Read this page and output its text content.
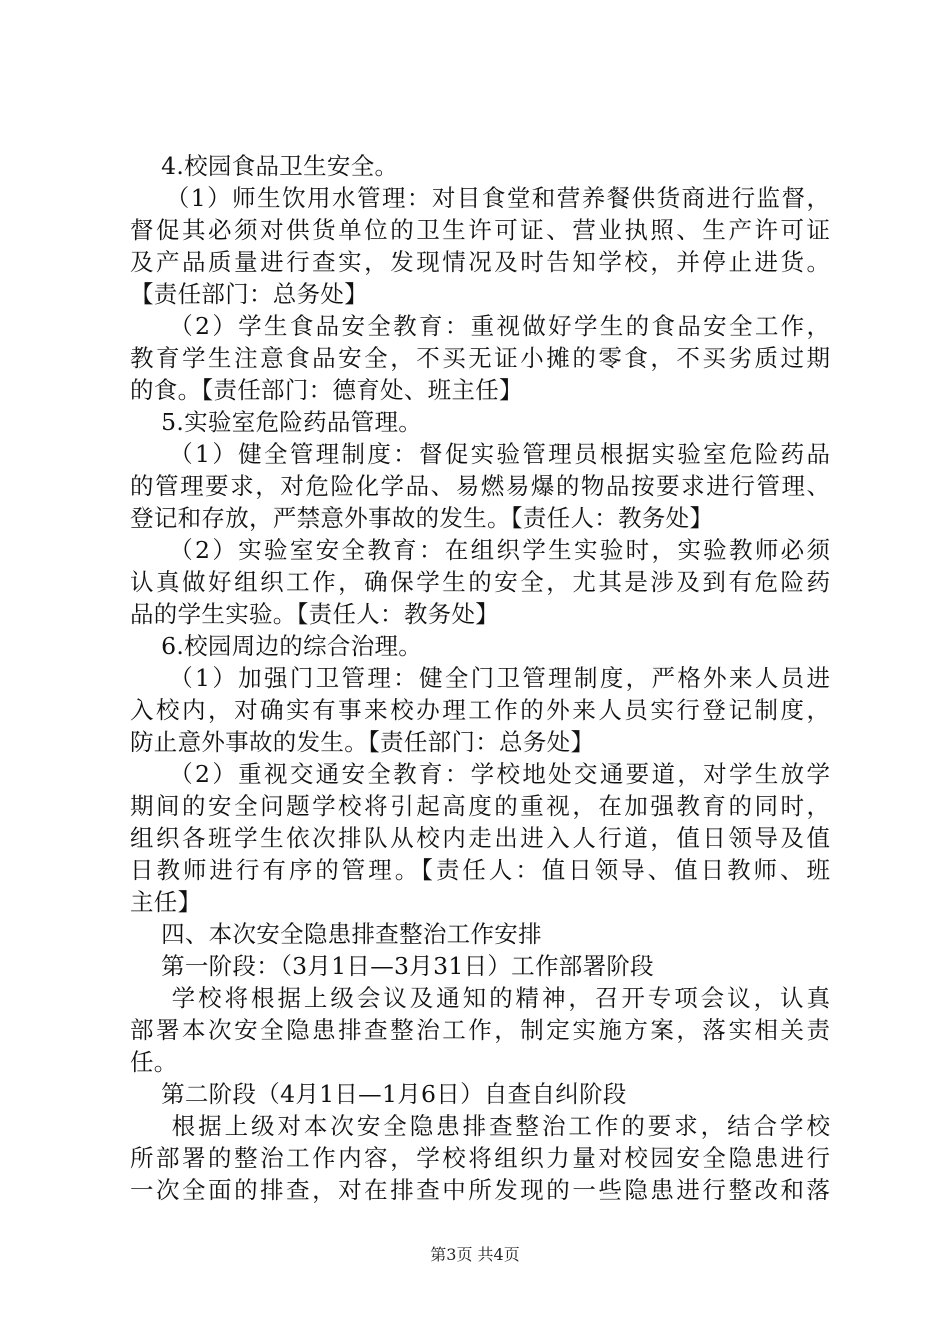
4.校园食品卫生安全。
（1）师生饮用水管理：对目食堂和营养餐供货商进行监督，
督促其必须对供货单位的卫生许可证、营业执照、生产许可证
及产品质量进行查实，发现情况及时告知学校，并停止进货。
【责任部门：总务处】
（2）学生食品安全教育：重视做好学生的食品安全工作，
教育学生注意食品安全，不买无证小摊的零食，不买劣质过期
的食。【责任部门：德育处、班主任】
5.实验室危险药品管理。
（1）健全管理制度：督促实验管理员根据实验室危险药品
的管理要求，对危险化学品、易燃易爆的物品按要求进行管理、
登记和存放，严禁意外事故的发生。【责任人：教务处】
（2）实验室安全教育：在组织学生实验时，实验教师必须
认真做好组织工作，确保学生的安全，尤其是涉及到有危险药
品的学生实验。【责任人：教务处】
6.校园周边的综合治理。
（1）加强门卫管理：健全门卫管理制度，严格外来人员进
入校内，对确实有事来校办理工作的外来人员实行登记制度，
防止意外事故的发生。【责任部门：总务处】
（2）重视交通安全教育：学校地处交通要道，对学生放学
期间的安全问题学校将引起高度的重视，在加强教育的同时，
组织各班学生依次排队从校内走出进入人行道，值日领导及值
日教师进行有序的管理。【责任人：值日领导、值日教师、班
主任】
四、本次安全隐患排查整治工作安排
第一阶段：（3月1日—3月31日）工作部署阶段
学校将根据上级会议及通知的精神，召开专项会议，认真
部署本次安全隐患排查整治工作，制定实施方案，落实相关责
任。
第二阶段（4月1日—1月6日）自查自纠阶段
根据上级对本次安全隐患排查整治工作的要求，结合学校
所部署的整治工作内容，学校将组织力量对校园安全隐患进行
一次全面的排查，对在排查中所发现的一些隐患进行整改和落
第3页 共4页
